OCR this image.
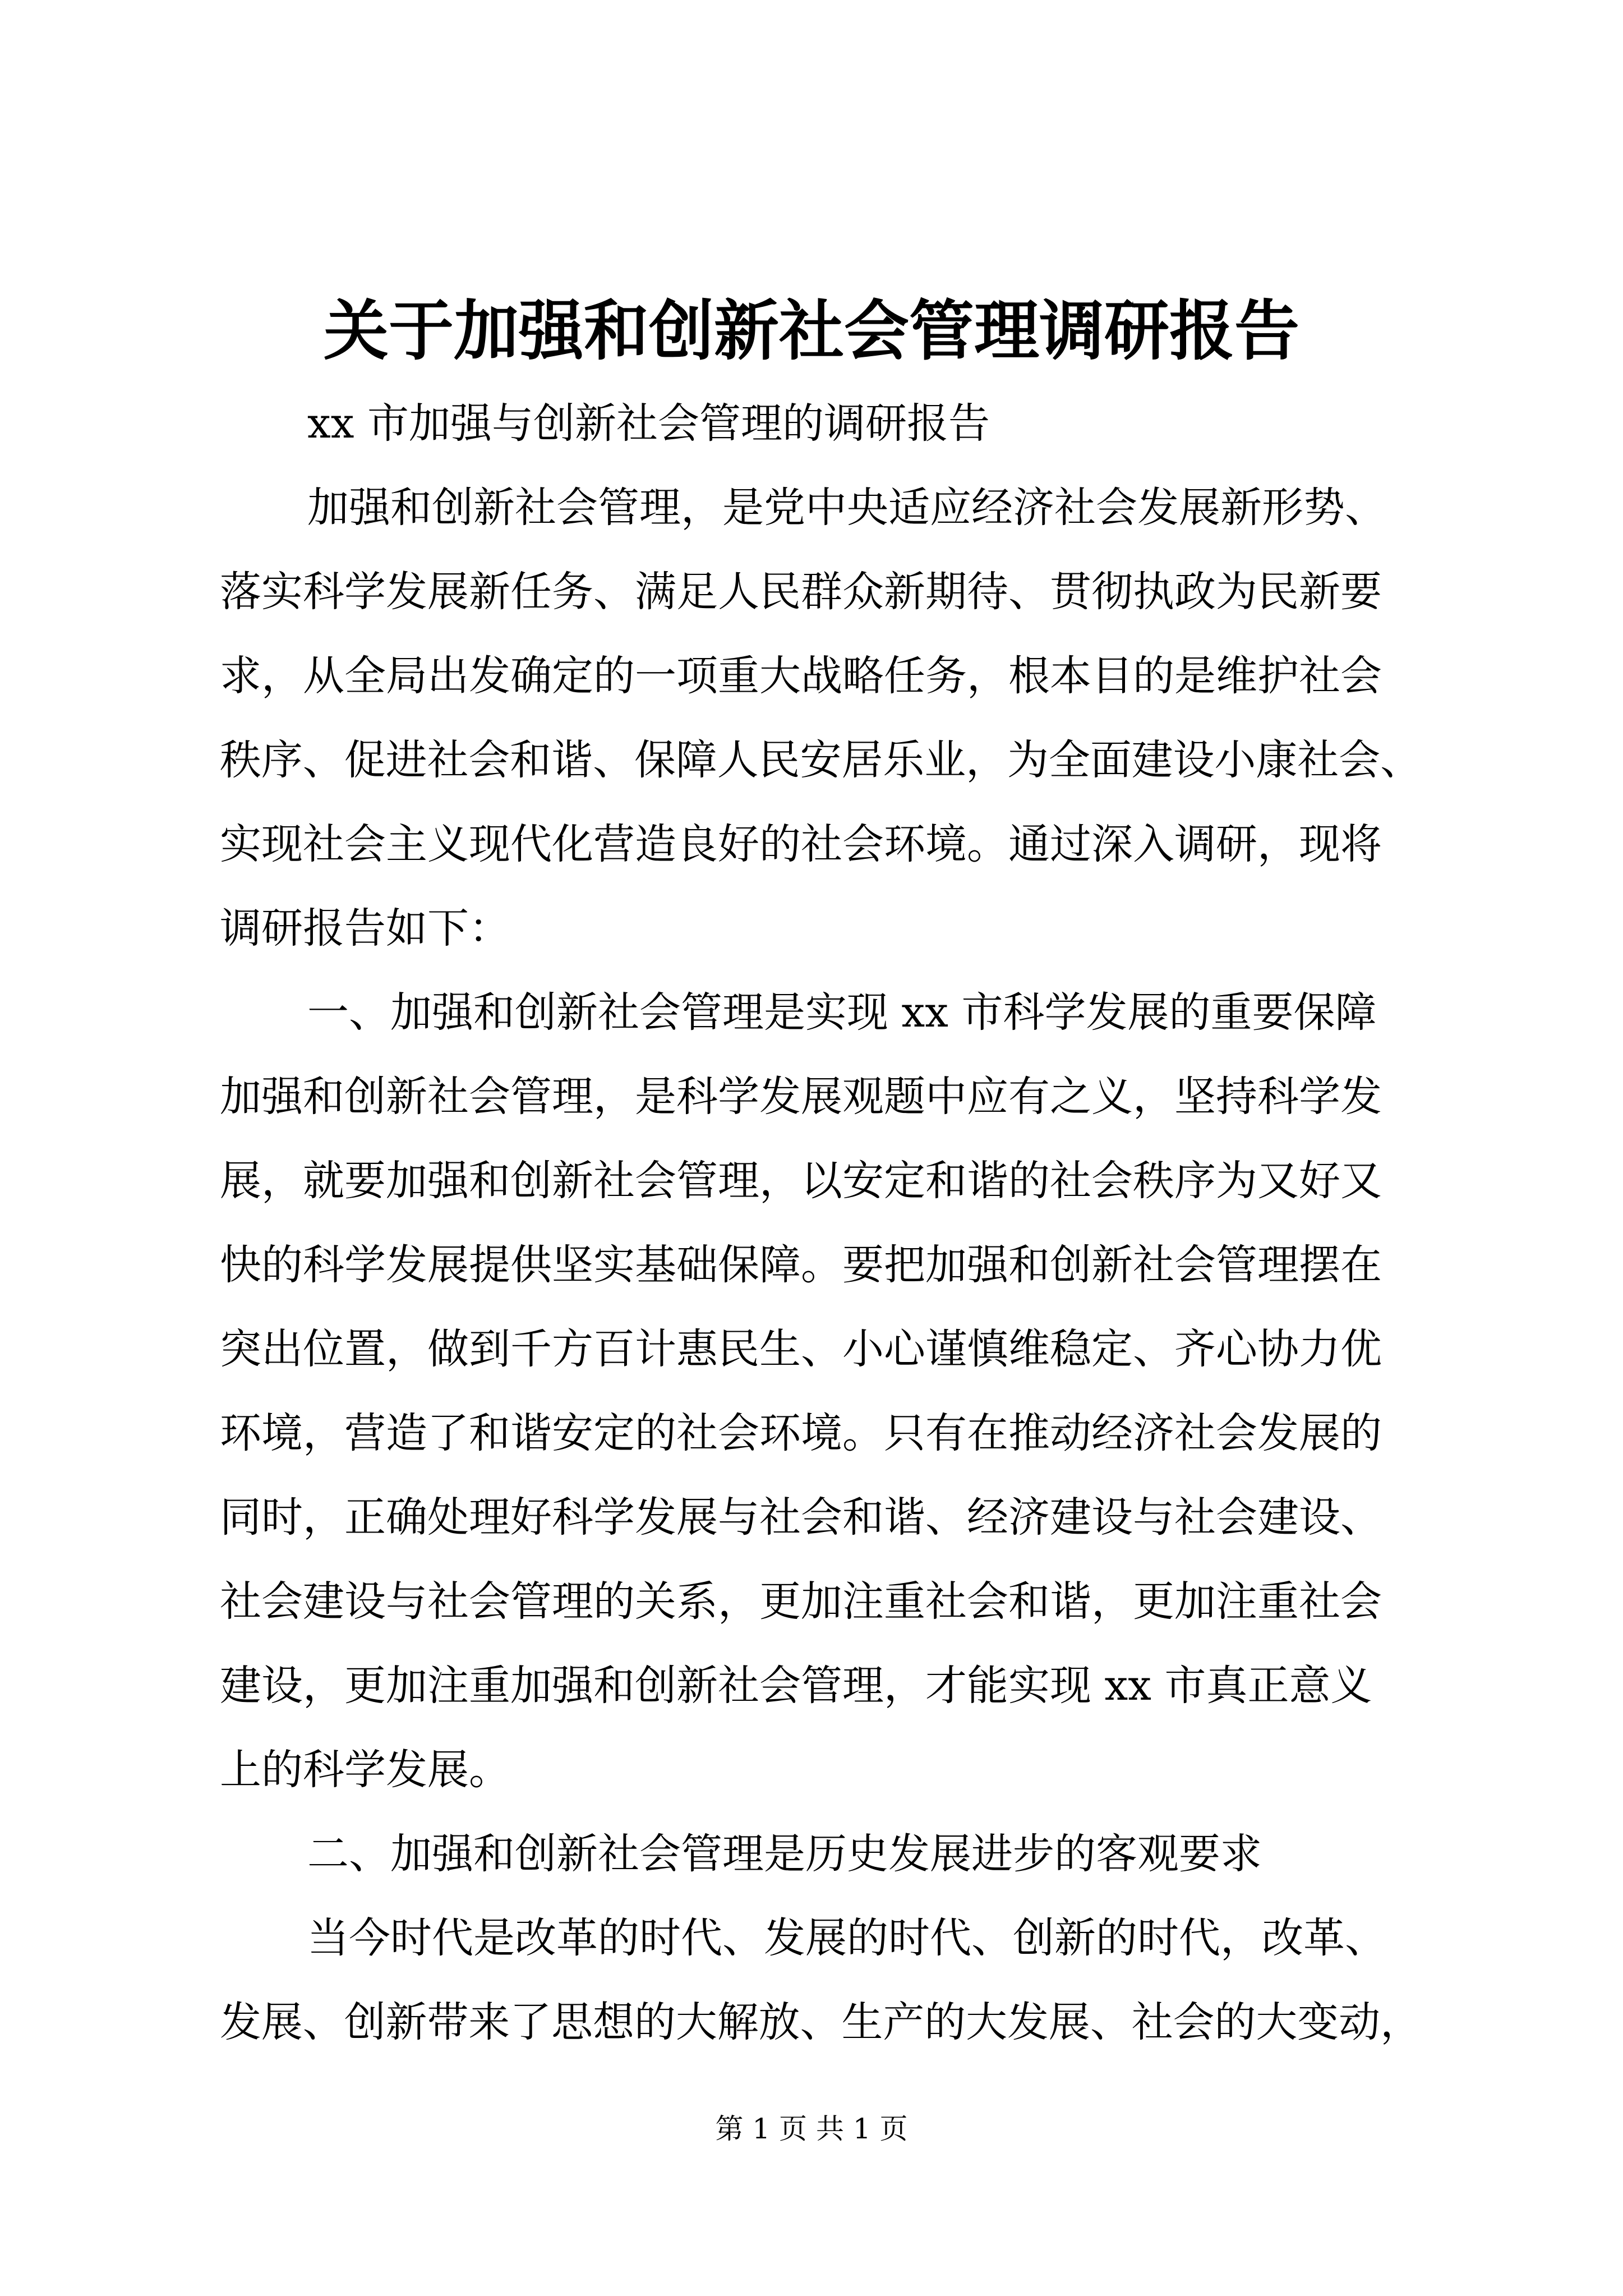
关于加强和创新社会管理调研报告
xx 市加强与创新社会管理的调研报告
加强和创新社会管理，是党中央适应经济社会发展新形势、
落实科学发展新任务、满足人民群众新期待、贯彻执政为民新要
求，从全局出发确定的一项重大战略任务，根本目的是维护社会
秩序、促进社会和谐、保障人民安居乐业，为全面建设小康社会、
实现社会主义现代化营造良好的社会环境。通过深入调研，现将
调研报告如下：
一、加强和创新社会管理是实现 xx 市科学发展的重要保障
加强和创新社会管理，是科学发展观题中应有之义，坚持科学发
展，就要加强和创新社会管理，以安定和谐的社会秩序为又好又
快的科学发展提供坚实基础保障。要把加强和创新社会管理摆在
突出位置，做到千方百计惠民生、小心谨慎维稳定、齐心协力优
环境，营造了和谐安定的社会环境。只有在推动经济社会发展的
同时，正确处理好科学发展与社会和谐、经济建设与社会建设、
社会建设与社会管理的关系，更加注重社会和谐，更加注重社会
建设，更加注重加强和创新社会管理，才能实现 xx 市真正意义
上的科学发展。
二、加强和创新社会管理是历史发展进步的客观要求
当今时代是改革的时代、发展的时代、创新的时代，改革、
发展、创新带来了思想的大解放、生产的大发展、社会的大变动，
第 1 页 共 1 页
